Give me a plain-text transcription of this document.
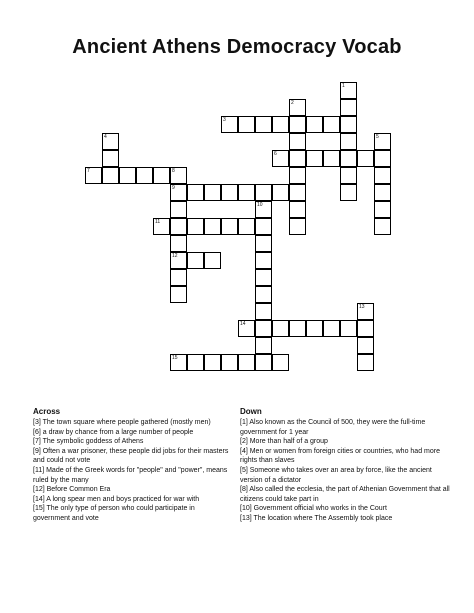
Ancient Athens Democracy Vocab
3
6
7
9
11
12
14
15
1
2
4	5
8
10
13
Across

[3] The town square where people gathered (mostly men)

[6] a draw by chance from a large number of people

[7] The symbolic goddess of Athens

[9] Often a war prisoner, these people did jobs for their masters and could not vote

[11] Made of the Greek words for "people" and "power", means ruled by the many

[12] Before Common Era

[14] A long spear men and boys practiced for war with

[15] The only type of person who could participate in government and vote

Down

[1] Also known as the Council of 500, they were the full-time government for 1 year

[2] More than half of a group

[4] Men or women from foreign cities or countries, who had more rights than slaves

[5] Someone who takes over an area by force, like the ancient version of a dictator

[8] Also called the ecclesia, the part of Athenian Government that all citizens could take part in

[10] Government official who works in the Court

[13] The location where The Assembly took place
